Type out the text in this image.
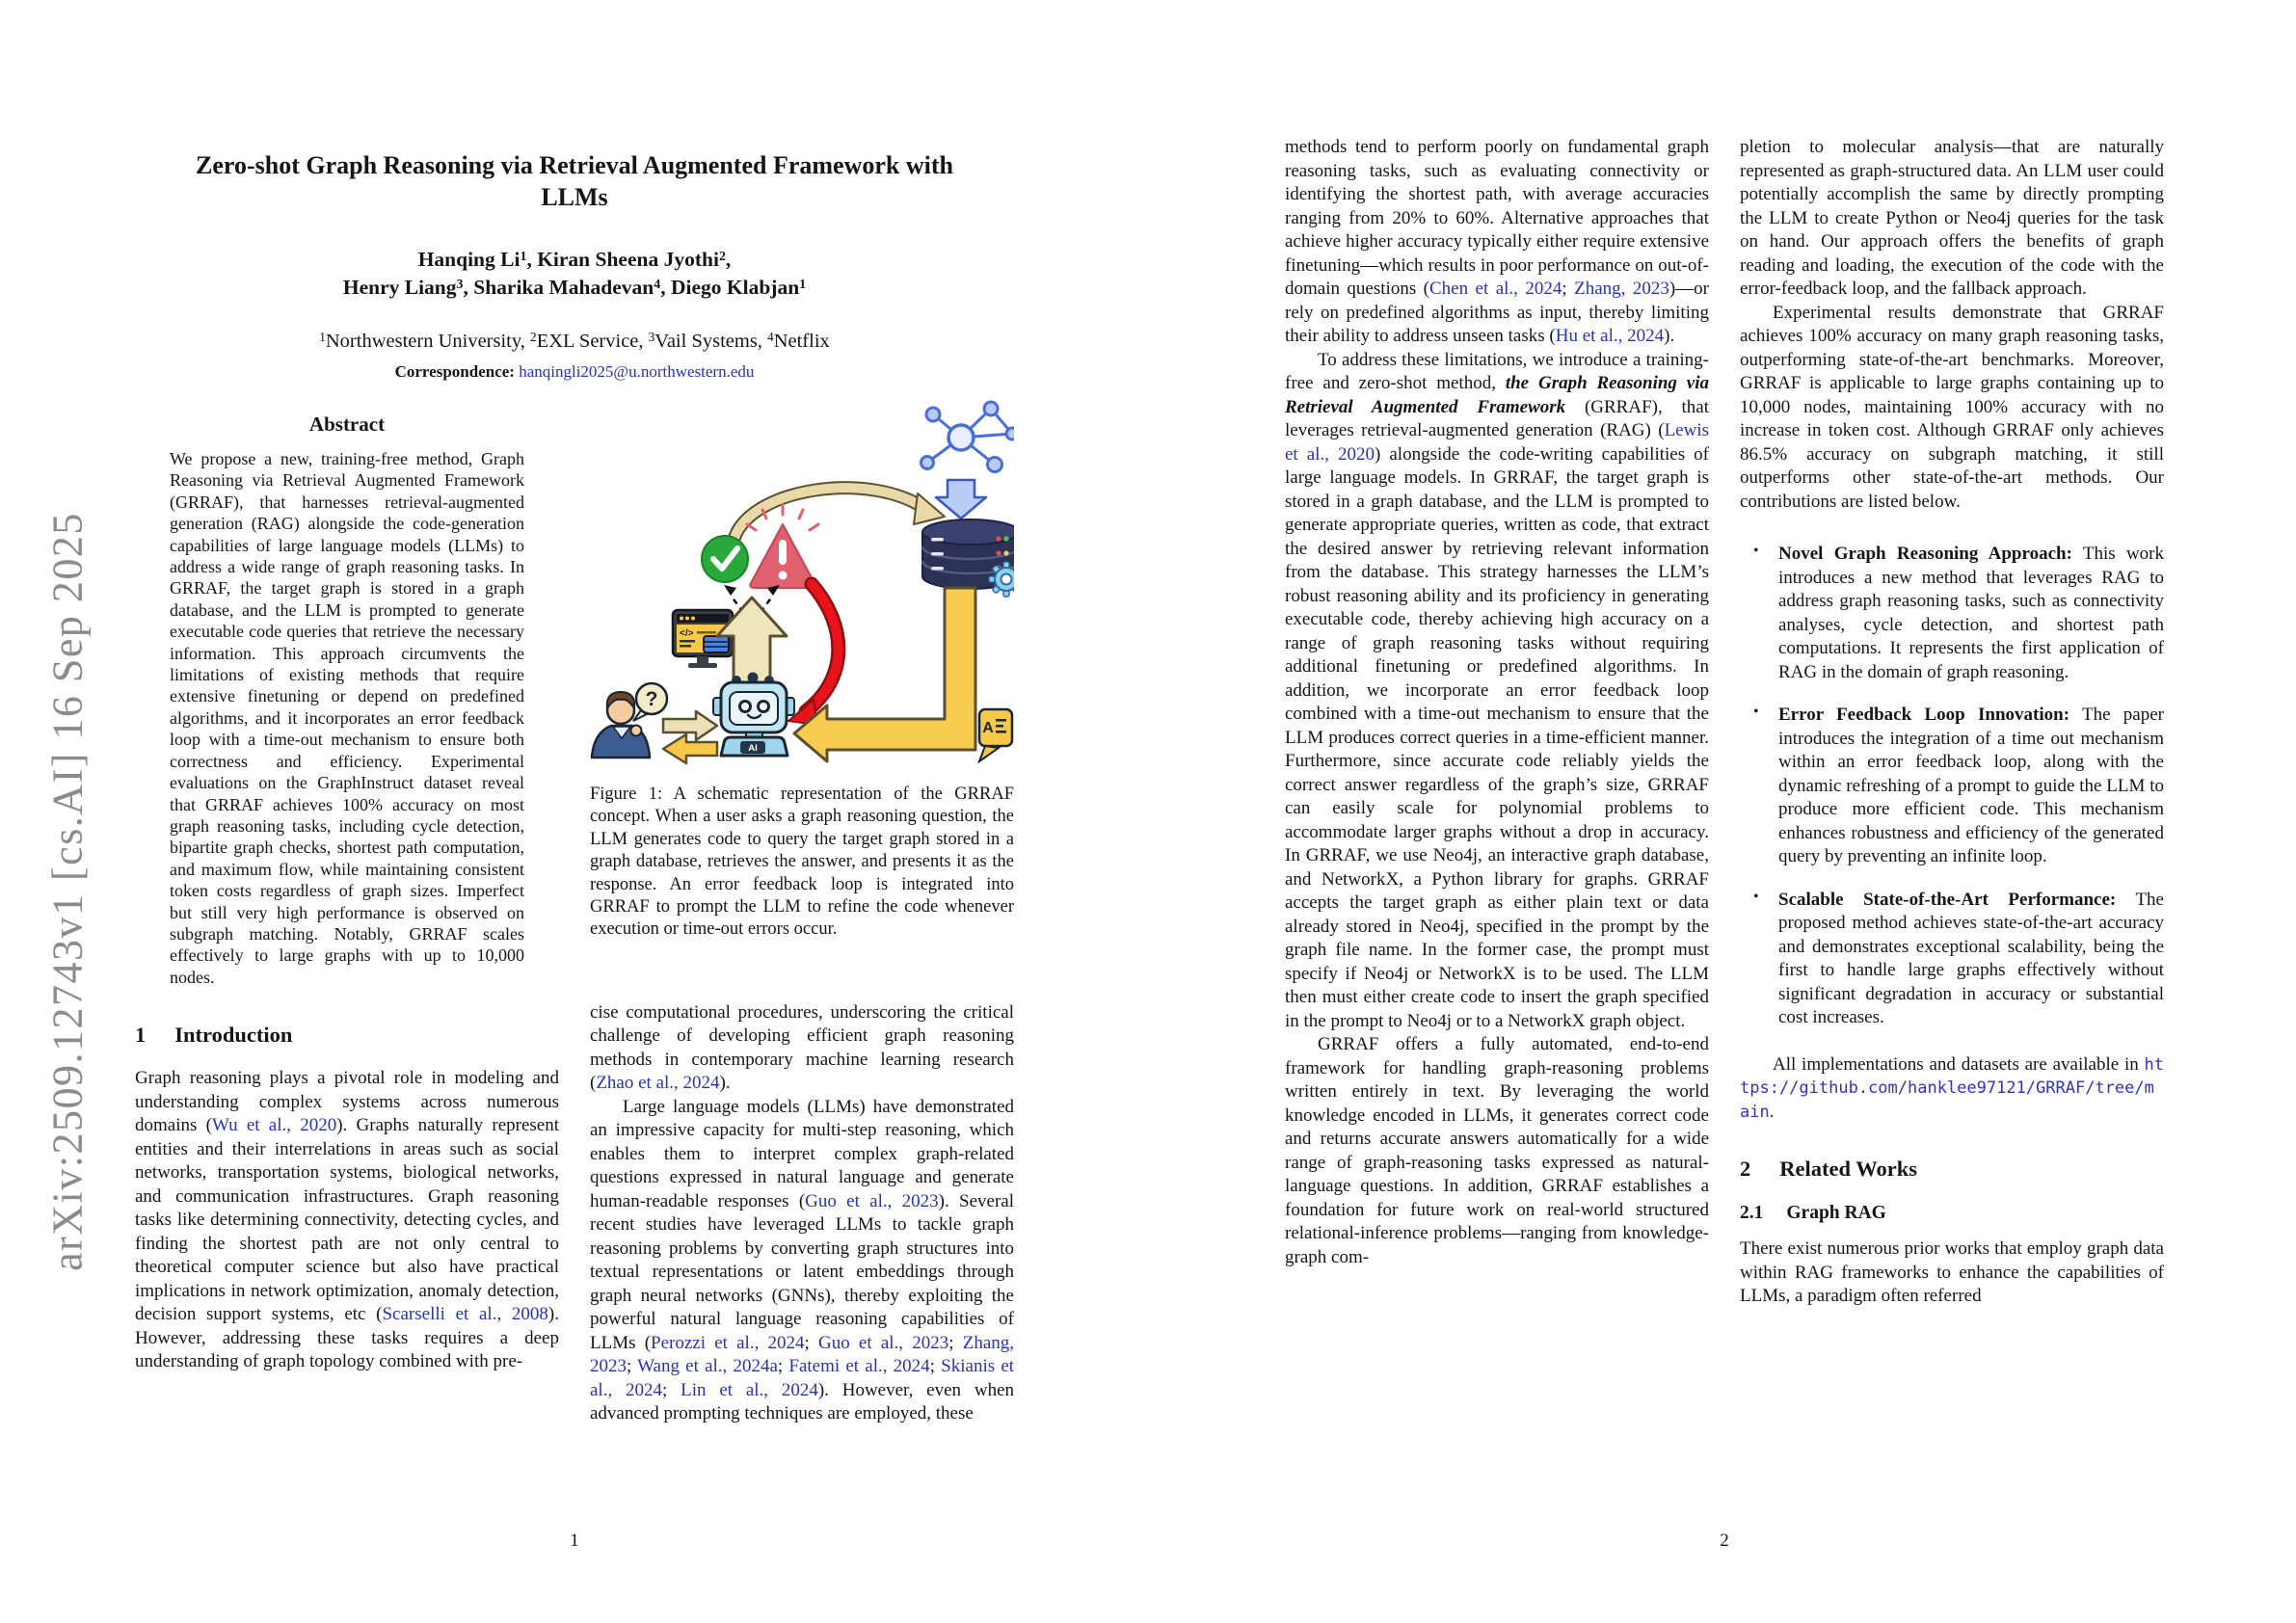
arXiv:2509.12743v1 [cs.AI] 16 Sep 2025
Zero-shot Graph Reasoning via Retrieval Augmented Framework with
LLMs
Hanqing Li$^1$, Kiran Sheena Jyothi$^2$,
Henry Liang$^3$, Sharika Mahadevan$^4$, Diego Klabjan$^1$
$^1$Northwestern University, $^2$EXL Service, $^3$Vail Systems, $^4$Netflix
Correspondence: hanqingli2025@u.northwestern.edu
Abstract
We propose a new, training-free method, Graph Reasoning via Retrieval Augmented Framework (GRRAF), that harnesses retrieval-augmented generation (RAG) alongside the code-generation capabilities of large language models (LLMs) to address a wide range of graph reasoning tasks. In GRRAF, the target graph is stored in a graph database, and the LLM is prompted to generate executable code queries that retrieve the necessary information. This approach circumvents the limitations of existing methods that require extensive finetuning or depend on predefined algorithms, and it incorporates an error feedback loop with a time-out mechanism to ensure both correctness and efficiency. Experimental evaluations on the GraphInstruct dataset reveal that GRRAF achieves 100% accuracy on most graph reasoning tasks, including cycle detection, bipartite graph checks, shortest path computation, and maximum flow, while maintaining consistent token costs regardless of graph sizes. Imperfect but still very high performance is observed on subgraph matching. Notably, GRRAF scales effectively to large graphs with up to 10,000 nodes.
1 Introduction

Graph reasoning plays a pivotal role in modeling and understanding complex systems across numerous domains (Wu et al., 2020). Graphs naturally represent entities and their interrelations in areas such as social networks, transportation systems, biological networks, and communication infrastructures. Graph reasoning tasks like determining connectivity, detecting cycles, and finding the shortest path are not only central to theoretical computer science but also have practical implications in network optimization, anomaly detection, decision support systems, etc (Scarselli et al., 2008). However, addressing these tasks requires a deep understanding of graph topology combined with pre-

</>
AI
?
A
Figure 1: A schematic representation of the GRRAF concept. When a user asks a graph reasoning question, the LLM generates code to query the target graph stored in a graph database, retrieves the answer, and presents it as the response. An error feedback loop is integrated into GRRAF to prompt the LLM to refine the code whenever execution or time-out errors occur.

cise computational procedures, underscoring the critical challenge of developing efficient graph reasoning methods in contemporary machine learning research (Zhao et al., 2024).

Large language models (LLMs) have demonstrated an impressive capacity for multi-step reasoning, which enables them to interpret complex graph-related questions expressed in natural language and generate human-readable responses (Guo et al., 2023). Several recent studies have leveraged LLMs to tackle graph reasoning problems by converting graph structures into textual representations or latent embeddings through graph neural networks (GNNs), thereby exploiting the powerful natural language reasoning capabilities of LLMs (Perozzi et al., 2024; Guo et al., 2023; Zhang, 2023; Wang et al., 2024a; Fatemi et al., 2024; Skianis et al., 2024; Lin et al., 2024). However, even when advanced prompting techniques are employed, these

1

methods tend to perform poorly on fundamental graph reasoning tasks, such as evaluating connectivity or identifying the shortest path, with average accuracies ranging from 20% to 60%. Alternative approaches that achieve higher accuracy typically either require extensive finetuning—which results in poor performance on out-of-domain questions (Chen et al., 2024; Zhang, 2023)—or rely on predefined algorithms as input, thereby limiting their ability to address unseen tasks (Hu et al., 2024).

To address these limitations, we introduce a training-free and zero-shot method, the Graph Reasoning via Retrieval Augmented Framework (GRRAF), that leverages retrieval-augmented generation (RAG) (Lewis et al., 2020) alongside the code-writing capabilities of large language models. In GRRAF, the target graph is stored in a graph database, and the LLM is prompted to generate appropriate queries, written as code, that extract the desired answer by retrieving relevant information from the database. This strategy harnesses the LLM’s robust reasoning ability and its proficiency in generating executable code, thereby achieving high accuracy on a range of graph reasoning tasks without requiring additional finetuning or predefined algorithms. In addition, we incorporate an error feedback loop combined with a time-out mechanism to ensure that the LLM produces correct queries in a time-efficient manner. Furthermore, since accurate code reliably yields the correct answer regardless of the graph’s size, GRRAF can easily scale for polynomial problems to accommodate larger graphs without a drop in accuracy. In GRRAF, we use Neo4j, an interactive graph database, and NetworkX, a Python library for graphs. GRRAF accepts the target graph as either plain text or data already stored in Neo4j, specified in the prompt by the graph file name. In the former case, the prompt must specify if Neo4j or NetworkX is to be used. The LLM then must either create code to insert the graph specified in the prompt to Neo4j or to a NetworkX graph object.

GRRAF offers a fully automated, end-to-end framework for handling graph-reasoning problems written entirely in text. By leveraging the world knowledge encoded in LLMs, it generates correct code and returns accurate answers automatically for a wide range of graph-reasoning tasks expressed as natural-language questions. In addition, GRRAF establishes a foundation for future work on real-world structured relational-inference problems—ranging from knowledge-graph com-

pletion to molecular analysis—that are naturally represented as graph-structured data. An LLM user could potentially accomplish the same by directly prompting the LLM to create Python or Neo4j queries for the task on hand. Our approach offers the benefits of graph reading and loading, the execution of the code with the error-feedback loop, and the fallback approach.

Experimental results demonstrate that GRRAF achieves 100% accuracy on many graph reasoning tasks, outperforming state-of-the-art benchmarks. Moreover, GRRAF is applicable to large graphs containing up to 10,000 nodes, maintaining 100% accuracy with no increase in token cost. Although GRRAF only achieves 86.5% accuracy on subgraph matching, it still outperforms other state-of-the-art methods. Our contributions are listed below.

• Novel Graph Reasoning Approach: This work introduces a new method that leverages RAG to address graph reasoning tasks, such as connectivity analyses, cycle detection, and shortest path computations. It represents the first application of RAG in the domain of graph reasoning.
• Error Feedback Loop Innovation: The paper introduces the integration of a time out mechanism within an error feedback loop, along with the dynamic refreshing of a prompt to guide the LLM to produce more efficient code. This mechanism enhances robustness and efficiency of the generated query by preventing an infinite loop.
• Scalable State-of-the-Art Performance: The proposed method achieves state-of-the-art accuracy and demonstrates exceptional scalability, being the first to handle large graphs effectively without significant degradation in accuracy or substantial cost increases.

All implementations and datasets are available in https://github.com/hanklee97121/GRRAF/tree/main.

2 Related Works
2.1 Graph RAG

There exist numerous prior works that employ graph data within RAG frameworks to enhance the capabilities of LLMs, a paradigm often referred

2
